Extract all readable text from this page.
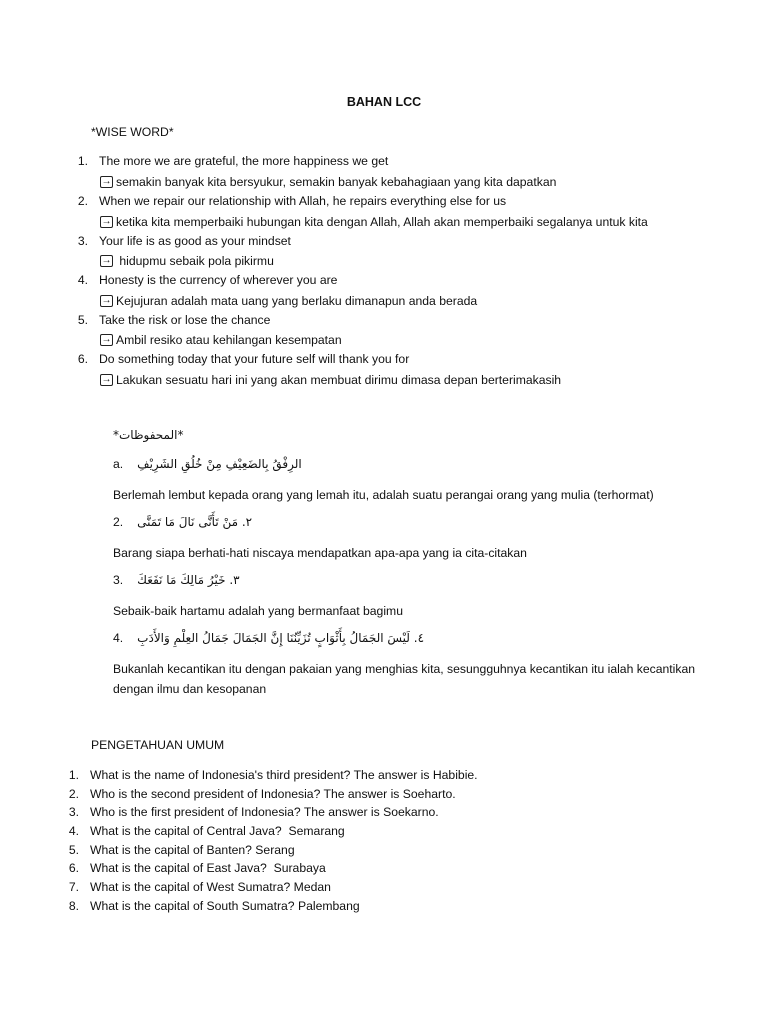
BAHAN LCC
*WISE WORD*
1. The more we are grateful, the more happiness we get
→ semakin banyak kita bersyukur, semakin banyak kebahagiaan yang kita dapatkan
2. When we repair our relationship with Allah, he repairs everything else for us
→ ketika kita memperbaiki hubungan kita dengan Allah, Allah akan memperbaiki segalanya untuk kita
3. Your life is as good as your mindset
→ hidupmu sebaik pola pikirmu
4. Honesty is the currency of wherever you are
→ Kejujuran adalah mata uang yang berlaku dimanapun anda berada
5. Take the risk or lose the chance
→ Ambil resiko atau kehilangan kesempatan
6. Do something today that your future self will thank you for
→ Lakukan sesuatu hari ini yang akan membuat dirimu dimasa depan berterimakasih
*المحفوظات*
a. الرِفْقُ بِالضَعِيْفِ مِنْ خُلُقِ الشَرِيْفِ
Berlemah lembut kepada orang yang lemah itu, adalah suatu perangai orang yang mulia (terhormat)
2. ٢. مَنْ تَأَنَّى نَالَ مَا تَمَنَّى
Barang siapa berhati-hati niscaya mendapatkan apa-apa yang ia cita-citakan
3. ٣. خَيْرُ مَالِكَ مَا نَفَعَكَ
Sebaik-baik hartamu adalah yang bermanfaat bagimu
4. ٤. لَيْسَ الجَمَالُ بِأَثْوَابٍ تُزَيِّنُنَا إِنَّ الجَمَالَ جَمَالُ العِلْمِ وَالأَدَبِ
Bukanlah kecantikan itu dengan pakaian yang menghias kita, sesungguhnya kecantikan itu ialah kecantikan dengan ilmu dan kesopanan
PENGETAHUAN UMUM
1. What is the name of Indonesia's third president? The answer is Habibie.
2. Who is the second president of Indonesia? The answer is Soeharto.
3. Who is the first president of Indonesia? The answer is Soekarno.
4. What is the capital of Central Java?  Semarang
5. What is the capital of Banten? Serang
6. What is the capital of East Java?  Surabaya
7. What is the capital of West Sumatra? Medan
8. What is the capital of South Sumatra? Palembang
